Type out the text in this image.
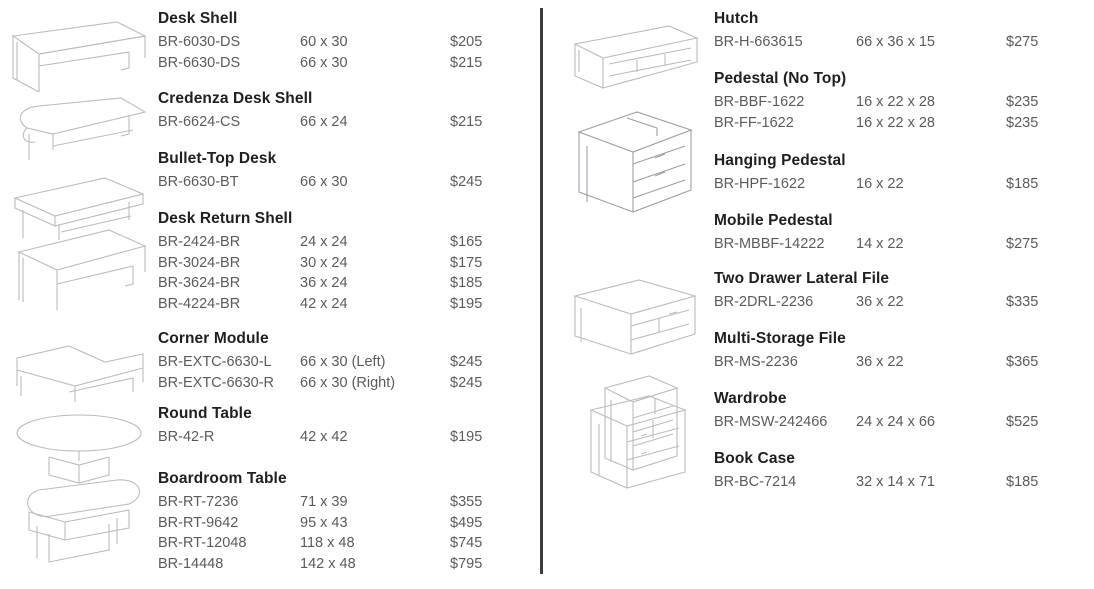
Desk Shell
BR-6030-DS	60 x 30	$205
BR-6630-DS	66 x 30	$215
Credenza Desk Shell
BR-6624-CS	66 x 24	$215
Bullet-Top Desk
BR-6630-BT	66 x 30	$245
Desk Return Shell
BR-2424-BR	24 x 24	$165
BR-3024-BR	30 x 24	$175
BR-3624-BR	36 x 24	$185
BR-4224-BR	42 x 24	$195
Corner Module
BR-EXTC-6630-L	66 x 30 (Left)	$245
BR-EXTC-6630-R	66 x 30 (Right)	$245
Round Table
BR-42-R	42 x 42	$195
Boardroom Table
BR-RT-7236	71 x 39	$355
BR-RT-9642	95 x 43	$495
BR-RT-12048	118 x 48	$745
BR-14448	142 x 48	$795
Hutch
BR-H-663615	66 x 36 x 15	$275
Pedestal (No Top)
BR-BBF-1622	16 x 22 x 28	$235
BR-FF-1622	16 x 22 x 28	$235
Hanging Pedestal
BR-HPF-1622	16 x 22	$185
Mobile Pedestal
BR-MBBF-14222	14 x 22	$275
Two Drawer Lateral File
BR-2DRL-2236	36 x 22	$335
Multi-Storage File
BR-MS-2236	36 x 22	$365
Wardrobe
BR-MSW-242466	24 x 24 x 66	$525
Book Case
BR-BC-7214	32 x 14 x 71	$185
